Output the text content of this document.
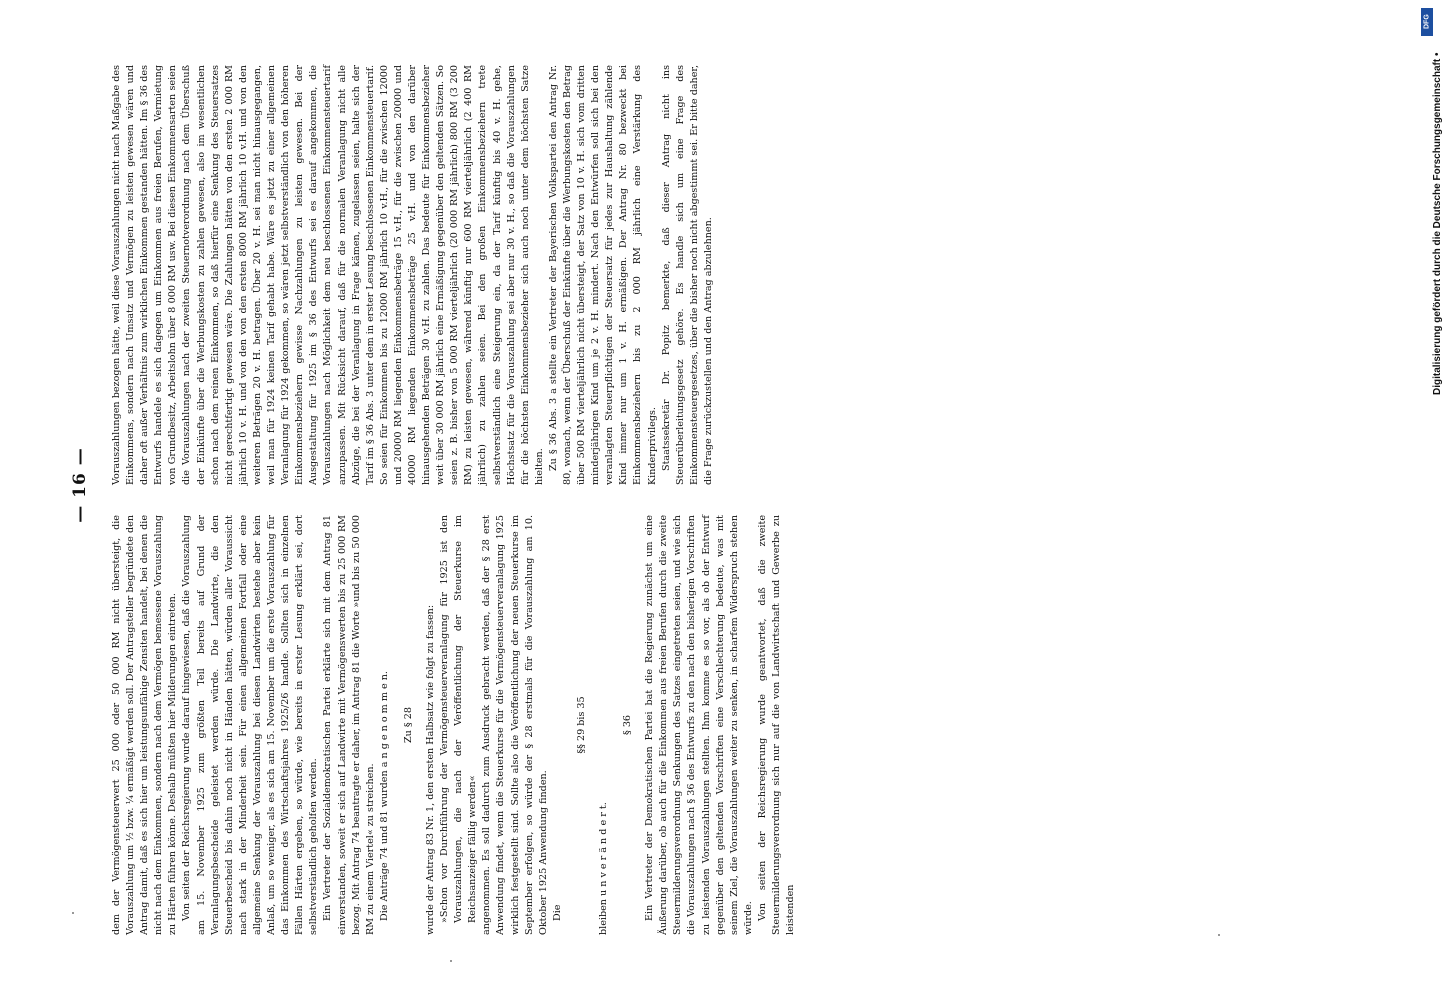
— 16 —

dem der Vermögensteuerwert 25 000 oder 50 000 RM nicht übersteigt, die Vorauszahlung um ½ bzw. ¼ ermäßigt werden soll. Der Antragsteller begründete den Antrag damit, daß es sich hier um leistungsunfähige Zensiten handelt, bei denen die nicht nach dem Einkommen, sondern nach dem Vermögen bemessene Vorauszahlung zu Härten führen könne. Deshalb müßten hier Milderungen eintreten. Von seiten der Reichsregierung wurde darauf hingewiesen, daß die Vorauszahlung am 15. November 1925 zum größten Teil bereits auf Grund der Veranlagungsbescheide geleistet werden würde. Die Landwirte, die den Steuerbescheid bis dahin noch nicht in Händen hätten, würden aller Voraussicht nach stark in der Minderheit sein. Für einen allgemeinen Fortfall oder eine allgemeine Senkung der Vorauszahlung bei diesen Landwirten bestehe aber kein Anlaß, um so weniger, als es sich am 15. November um die erste Vorauszahlung für das Einkommen des Wirtschaftsjahres 1925/26 handle. Sollten sich in einzelnen Fällen Härten ergeben, so würde, wie bereits in erster Lesung erklärt sei, dort selbstverständlich geholfen werden. Ein Vertreter der Sozialdemokratischen Partei erklärte sich mit dem Antrag 81 einverstanden, soweit er sich auf Landwirte mit Vermögenswerten bis zu 25 000 RM bezog. Mit Antrag 74 beantragte er daher, im Antrag 81 die Worte »und bis zu 50 000 RM zu einem Viertel« zu streichen. Die Anträge 74 und 81 wurden a n g e n o m m e n. Zu § 28 wurde der Antrag 83 Nr. 1, den ersten Halbsatz wie folgt zu fassen: »Schon vor Durchführung der Vermögensteuerveranlagung für 1925 ist den Vorauszahlungen, die nach der Veröffentlichung der Steuerkurse im Reichsanzeiger fällig werden« angenommen. Es soll dadurch zum Ausdruck gebracht werden, daß der § 28 erst Anwendung findet, wenn die Steuerkurse für die Vermögensteuerveranlagung 1925 wirklich festgestellt sind. Sollte also die Veröffentlichung der neuen Steuerkurse im September erfolgen, so würde der § 28 erstmals für die Vorauszahlung am 10. Oktober 1925 Anwendung finden. Die

§§ 29 bis 35

bleiben u n v e r ä n d e r t.

§ 36 Ein Vertreter der Demokratischen Partei bat die Regierung zunächst um eine Äußerung darüber, ob auch für die Einkommen aus freien Berufen durch die zweite Steuermilderungsverordnung Senkungen des Satzes eingetreten seien, und wie sich die Vorauszahlungen nach § 36 des Entwurfs zu den nach den bisherigen Vorschriften zu leistenden Vorauszahlungen stellten. Ihm komme es so vor, als ob der Entwurf gegenüber den geltenden Vorschriften eine Verschlechterung bedeute, was mit seinem Ziel, die Vorauszahlungen weiter zu senken, in scharfem Widerspruch stehen würde. Von seiten der Reichsregierung wurde geantwortet, daß die zweite Steuermilderungsverordnung sich nur auf die von Landwirtschaft und Gewerbe zu leistenden

Vorauszahlungen bezogen hätte, weil diese Vorauszahlungen nicht nach Maßgabe des Einkommens, sondern nach Umsatz und Vermögen zu leisten gewesen wären und daher oft außer Verhältnis zum wirklichen Einkommen gestanden hätten. Im § 36 des Entwurfs handele es sich dagegen um Einkommen aus freien Berufen, Vermietung von Grundbesitz, Arbeitslohn über 8 000 RM usw. Bei diesen Einkommensarten seien die Vorauszahlungen nach der zweiten Steuernotverordnung nach dem Überschuß der Einkünfte über die Werbungskosten zu zahlen gewesen, also im wesentlichen schon nach dem reinen Einkommen, so daß hierfür eine Senkung des Steuersatzes nicht gerechtfertigt gewesen wäre. Die Zahlungen hätten von den ersten 2 000 RM jährlich 10 v. H. und von den von den ersten 8000 RM jährlich 10 v.H. und von den weiteren Beträgen 20 v. H. betragen. Über 20 v. H. sei man nicht hinausgegangen, weil man für 1924 keinen Tarif gehabt habe. Wäre es jetzt zu einer allgemeinen Veranlagung für 1924 gekommen, so wären jetzt selbstverständlich von den höheren Einkommensbeziehern gewisse Nachzahlungen zu leisten gewesen. Bei der Ausgestaltung für 1925 im § 36 des Entwurfs sei es darauf angekommen, die Vorauszahlungen nach Möglichkeit dem neu beschlossenen Einkommensteuertarif anzupassen. Mit Rücksicht darauf, daß für die normalen Veranlagung nicht alle Abzüge, die bei der Veranlagung in Frage kämen, zugelassen seien, halte sich der Tarif im § 36 Abs. 3 unter dem in erster Lesung beschlossenen Einkommensteuertarif. So seien für Einkommen bis zu 12000 RM jährlich 10 v.H., für die zwischen 12000 und 20000 RM liegenden Einkommensbeträge 15 v.H., für die zwischen 20000 und 40000 RM liegenden Einkommensbeträge 25 v.H. und von den darüber hinausgehenden Beträgen 30 v.H. zu zahlen. Das bedeute für Einkommensbezieher weit über 30 000 RM jährlich eine Ermäßigung gegenüber den geltenden Sätzen. So seien z. B. bisher von 5 000 RM vierteljährlich (20 000 RM jährlich) 800 RM (3 200 RM) zu leisten gewesen, während künftig nur 600 RM vierteljährlich (2 400 RM jährlich) zu zahlen seien. Bei den großen Einkommensbeziehern trete selbstverständlich eine Steigerung ein, da der Tarif künftig bis 40 v. H. gehe, Höchstsatz für die Vorauszahlung sei aber nur 30 v. H., so daß die Vorauszahlungen für die höchsten Einkommensbezieher sich auch noch unter dem höchsten Satze hielten. Zu § 36 Abs. 3 a stellte ein Vertreter der Bayerischen Volkspartei den Antrag Nr. 80, wonach, wenn der Überschuß der Einkünfte über die Werbungskosten den Betrag über 500 RM vierteljährlich nicht übersteigt, der Satz von 10 v. H. sich vom dritten minderjährigen Kind um je 2 v. H. mindert. Nach den Entwürfen soll sich bei den veranlagten Steuerpflichtigen der Steuersatz für jedes zur Haushaltung zählende Kind immer nur um 1 v. H. ermäßigen. Der Antrag Nr. 80 bezweckt bei Einkommensbeziehern bis zu 2 000 RM jährlich eine Verstärkung des Kinderprivilegs. Staatssekretär Dr. Popitz bemerkte, daß dieser Antrag nicht ins Steuerüberleitungsgesetz gehöre. Es handle sich um eine Frage des Einkommensteuergesetzes, über die bisher noch nicht abgestimmt sei. Er bitte daher, die Frage zurückzustellen und den Antrag abzulehnen.

DFG
Digitalisierung gefördert durch die Deutsche Forschungsgemeinschaft •
